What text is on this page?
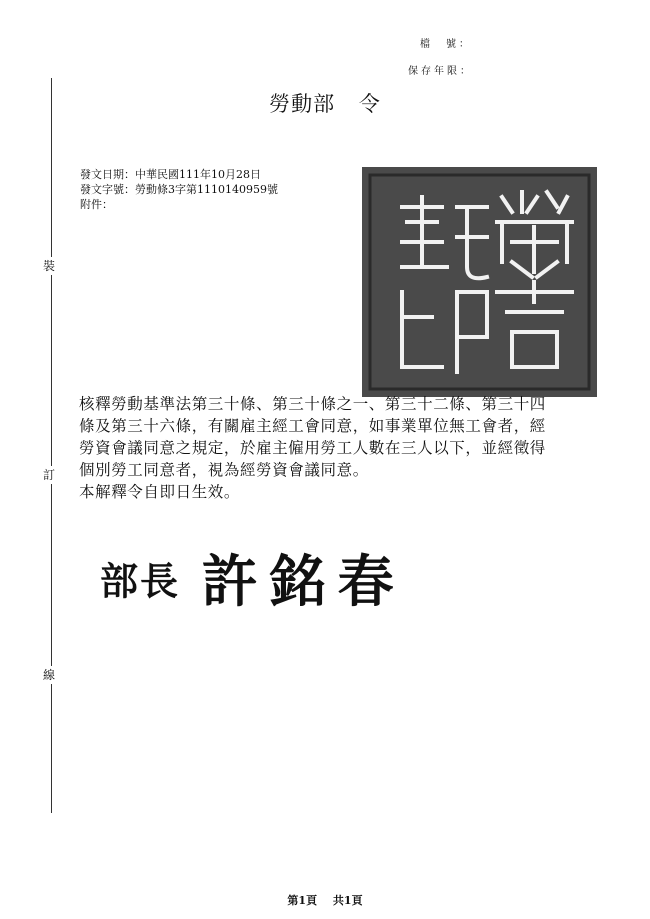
檔　號：
保存年限：
裝
訂
線
勞動部 令
發文日期：中華民國111年10月28日
發文字號：勞動條3字第1110140959號
附件：

核釋勞動基準法第三十條、第三十條之一、第三十二條、第三十四

條及第三十六條，有關雇主經工會同意，如事業單位無工會者，經

勞資會議同意之規定，於雇主僱用勞工人數在三人以下，並經徵得

個別勞工同意者，視為經勞資會議同意。

本解釋令自即日生效。

部長 許銘春
第1頁 共1頁
